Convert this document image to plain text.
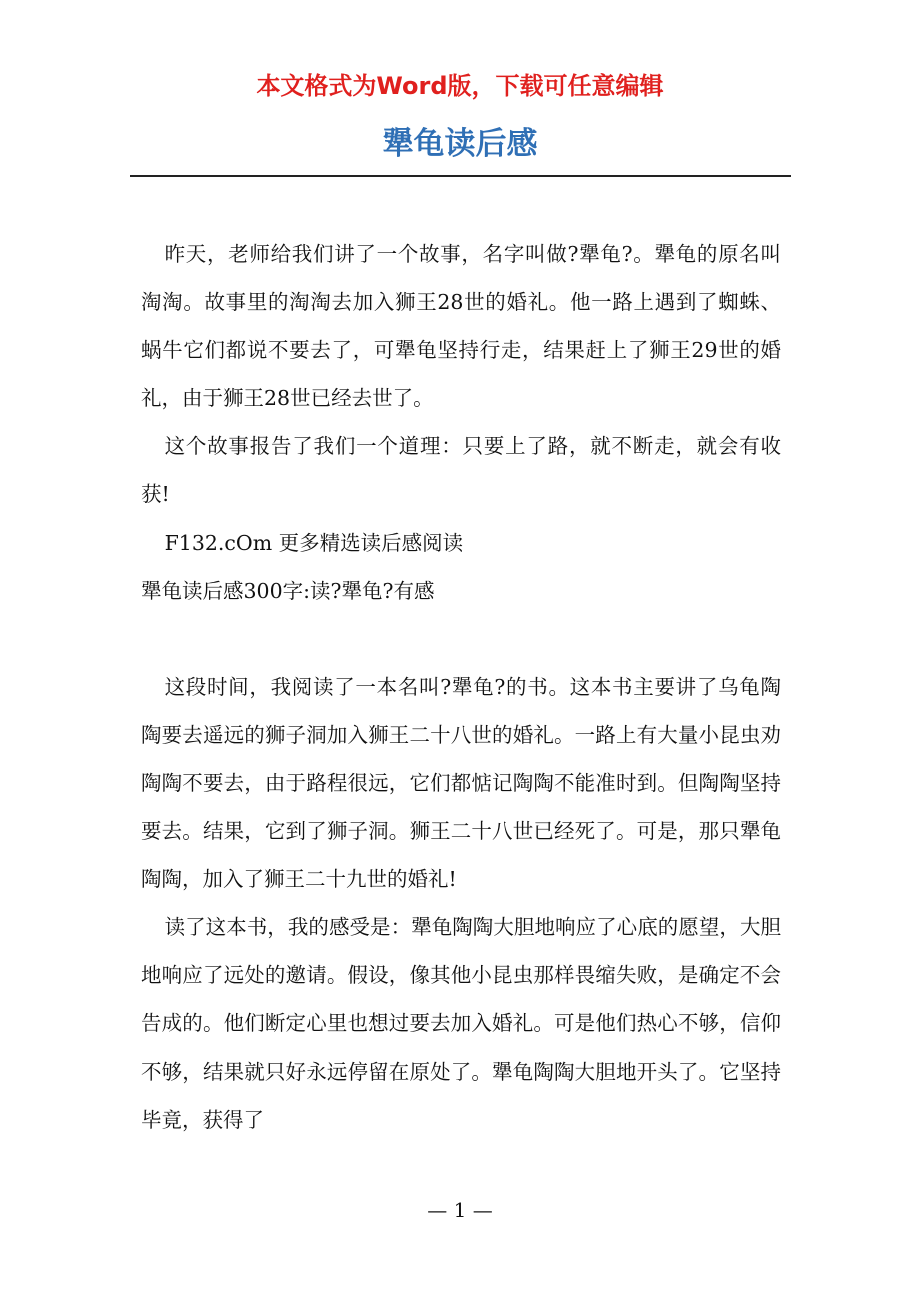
本文格式为Word版，下载可任意编辑
犟龟读后感

昨天，老师给我们讲了一个故事，名字叫做?犟龟?。犟龟的原名叫淘淘。故事里的淘淘去加入狮王28世的婚礼。他一路上遇到了蜘蛛、蜗牛它们都说不要去了，可犟龟坚持行走，结果赶上了狮王29世的婚礼，由于狮王28世已经去世了。

这个故事报告了我们一个道理：只要上了路，就不断走，就会有收获!

F132.cOm 更多精选读后感阅读

犟龟读后感300字:读?犟龟?有感

这段时间，我阅读了一本名叫?犟龟?的书。这本书主要讲了乌龟陶陶要去遥远的狮子洞加入狮王二十八世的婚礼。一路上有大量小昆虫劝陶陶不要去，由于路程很远，它们都惦记陶陶不能准时到。但陶陶坚持要去。结果，它到了狮子洞。狮王二十八世已经死了。可是，那只犟龟陶陶，加入了狮王二十九世的婚礼!

读了这本书，我的感受是：犟龟陶陶大胆地响应了心底的愿望，大胆地响应了远处的邀请。假设，像其他小昆虫那样畏缩失败，是确定不会告成的。他们断定心里也想过要去加入婚礼。可是他们热心不够，信仰不够，结果就只好永远停留在原处了。犟龟陶陶大胆地开头了。它坚持毕竟，获得了

— 1 —
